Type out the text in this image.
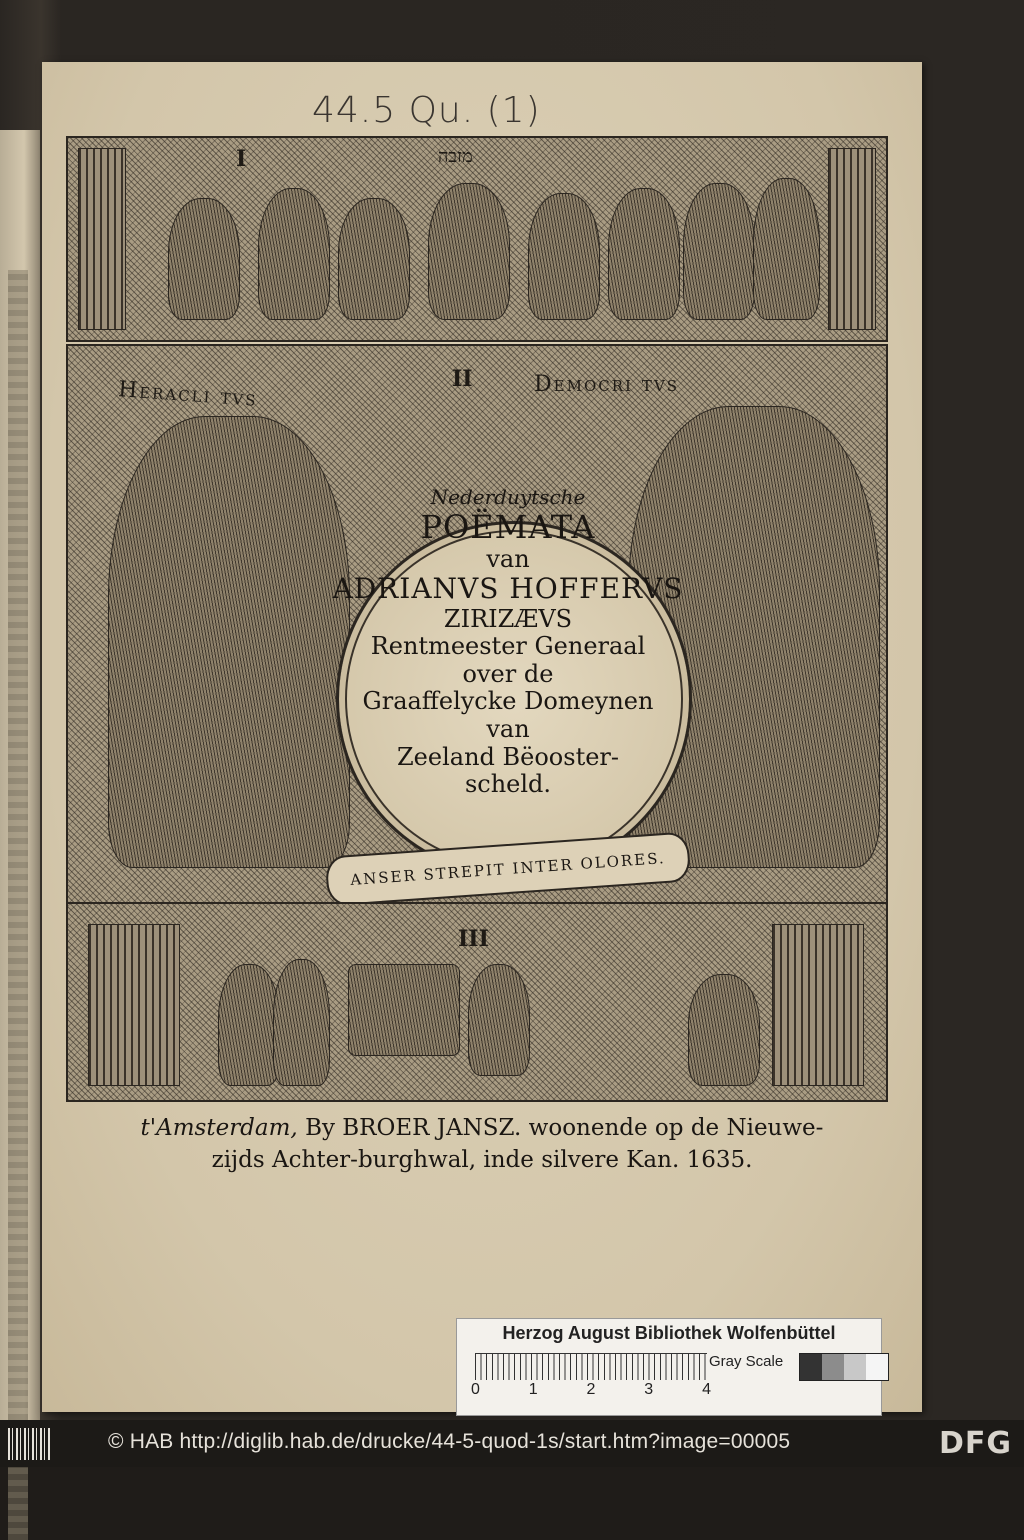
44.5 Qu. (1)
I	מזבה
Heracli tvs	II	Democri tvs
Nederduytsche
POËMATA
van
ADRIANVS HOFFERVS
ZIRIZÆVS
Rentmeester Generaal
over de
Graaffelycke Domeynen
van
Zeeland Bëooster-
scheld.
ANSER STREPIT INTER OLORES.
III
t'Amsterdam, By BROER JANSZ. woonende op de Nieuwe-
zijds Achter-burghwal, inde silvere Kan. 1635.
Herzog August Bibliothek Wolfenbüttel
0	1	2	3	4
Gray Scale
© HAB http://diglib.hab.de/drucke/44-5-quod-1s/start.htm?image=00005	DFG
